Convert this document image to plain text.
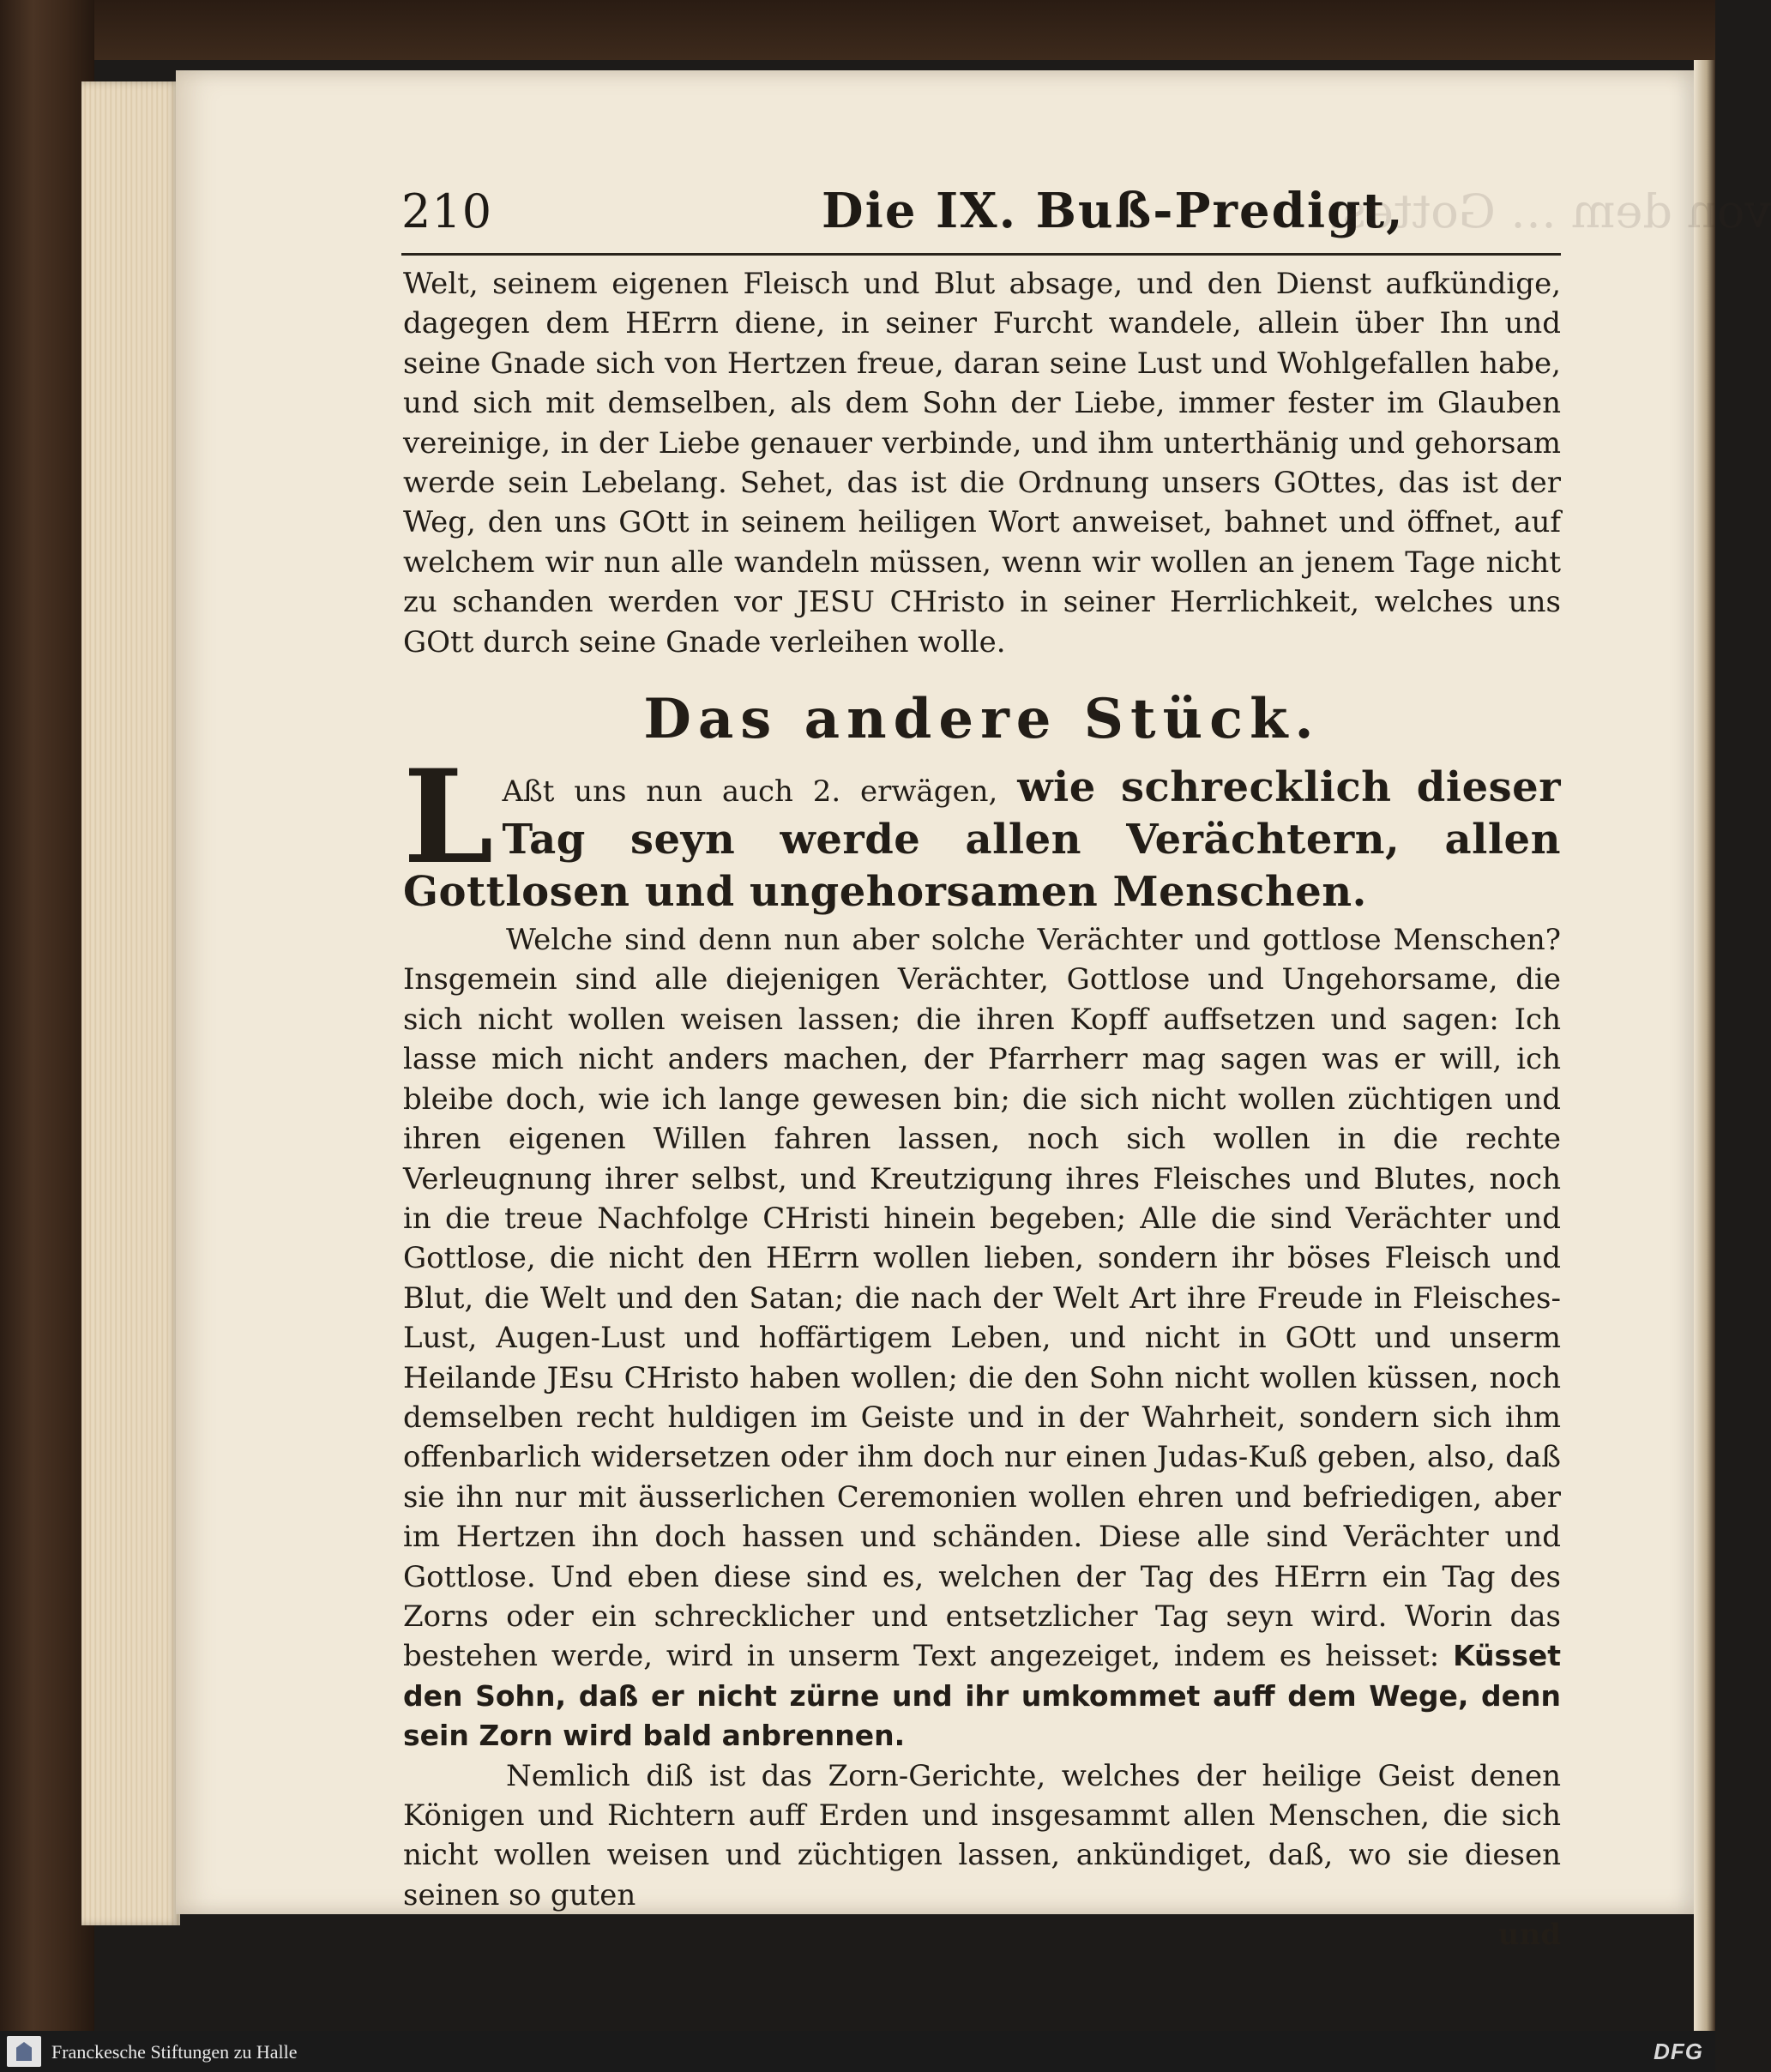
210	Die IX. Buß-Predigt,
von dem … Gottes.

Welt, seinem eigenen Fleisch und Blut absage, und den Dienst aufkündige, dagegen dem HErrn diene, in seiner Furcht wandele, allein über Ihn und seine Gnade sich von Hertzen freue, daran seine Lust und Wohlgefallen habe, und sich mit demselben, als dem Sohn der Liebe, immer fester im Glauben vereinige, in der Liebe genauer verbinde, und ihm unterthänig und gehorsam werde sein Lebelang. Sehet, das ist die Ordnung unsers GOttes, das ist der Weg, den uns GOtt in seinem heiligen Wort anweiset, bahnet und öffnet, auf welchem wir nun alle wandeln müssen, wenn wir wollen an jenem Tage nicht zu schanden werden vor JESU CHristo in seiner Herrlichkeit, welches uns GOtt durch seine Gnade verleihen wolle.

Das andere Stück.

L Aßt uns nun auch 2. erwägen, wie schrecklich dieser Tag seyn werde allen Verächtern, allen Gottlosen und ungehorsamen Menschen.

Welche sind denn nun aber solche Verächter und gottlose Menschen? Insgemein sind alle diejenigen Verächter, Gottlose und Ungehorsame, die sich nicht wollen weisen lassen; die ihren Kopff auffsetzen und sagen: Ich lasse mich nicht anders machen, der Pfarrherr mag sagen was er will, ich bleibe doch, wie ich lange gewesen bin; die sich nicht wollen züchtigen und ihren eigenen Willen fahren lassen, noch sich wollen in die rechte Verleugnung ihrer selbst, und Kreutzigung ihres Fleisches und Blutes, noch in die treue Nachfolge CHristi hinein begeben; Alle die sind Verächter und Gottlose, die nicht den HErrn wollen lieben, sondern ihr böses Fleisch und Blut, die Welt und den Satan; die nach der Welt Art ihre Freude in Fleisches-Lust, Augen-Lust und hoffärtigem Leben, und nicht in GOtt und unserm Heilande JEsu CHristo haben wollen; die den Sohn nicht wollen küssen, noch demselben recht huldigen im Geiste und in der Wahrheit, sondern sich ihm offenbarlich widersetzen oder ihm doch nur einen Judas-Kuß geben, also, daß sie ihn nur mit äusserlichen Ceremonien wollen ehren und befriedigen, aber im Hertzen ihn doch hassen und schänden. Diese alle sind Verächter und Gottlose. Und eben diese sind es, welchen der Tag des HErrn ein Tag des Zorns oder ein schrecklicher und entsetzlicher Tag seyn wird. Worin das bestehen werde, wird in unserm Text angezeiget, indem es heisset: Küsset den Sohn, daß er nicht zürne und ihr umkommet auff dem Wege, denn sein Zorn wird bald anbrennen.

Nemlich diß ist das Zorn-Gerichte, welches der heilige Geist denen Königen und Richtern auff Erden und insgesammt allen Menschen, die sich nicht wollen weisen und züchtigen lassen, ankündiget, daß, wo sie diesen seinen so guten

und

Franckesche Stiftungen zu Halle	DFG
